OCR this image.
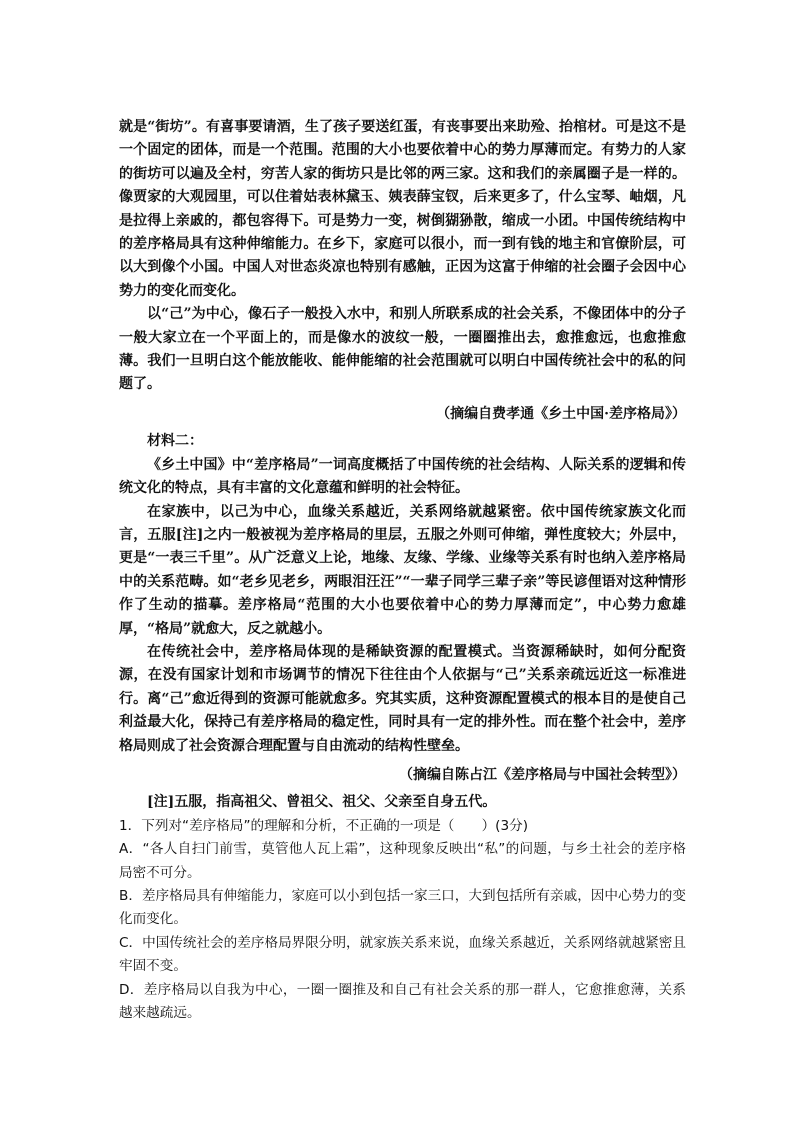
就是“街坊”。有喜事要请酒，生了孩子要送红蛋，有丧事要出来助殓、抬棺材。可是这不是一个固定的团体，而是一个范围。范围的大小也要依着中心的势力厚薄而定。有势力的人家的街坊可以遍及全村，穷苦人家的街坊只是比邻的两三家。这和我们的亲属圈子是一样的。像贾家的大观园里，可以住着姑表林黛玉、姨表薛宝钗，后来更多了，什么宝琴、岫烟，凡是拉得上亲戚的，都包容得下。可是势力一变，树倒猢狲散，缩成一小团。中国传统结构中的差序格局具有这种伸缩能力。在乡下，家庭可以很小，而一到有钱的地主和官僚阶层，可以大到像个小国。中国人对世态炎凉也特别有感触，正因为这富于伸缩的社会圈子会因中心势力的变化而变化。

以“己”为中心，像石子一般投入水中，和别人所联系成的社会关系，不像团体中的分子一般大家立在一个平面上的，而是像水的波纹一般，一圈圈推出去，愈推愈远，也愈推愈薄。我们一旦明白这个能放能收、能伸能缩的社会范围就可以明白中国传统社会中的私的问题了。

（摘编自费孝通《乡土中国·差序格局》）
材料二：

《乡土中国》中“差序格局”一词高度概括了中国传统的社会结构、人际关系的逻辑和传统文化的特点，具有丰富的文化意蕴和鲜明的社会特征。

在家族中，以己为中心，血缘关系越近，关系网络就越紧密。依中国传统家族文化而言，五服[注]之内一般被视为差序格局的里层，五服之外则可伸缩，弹性度较大；外层中，更是“一表三千里”。从广泛意义上论，地缘、友缘、学缘、业缘等关系有时也纳入差序格局中的关系范畴。如“老乡见老乡，两眼泪汪汪”“一辈子同学三辈子亲”等民谚俚语对这种情形作了生动的描摹。差序格局“范围的大小也要依着中心的势力厚薄而定”，中心势力愈雄厚，“格局”就愈大，反之就越小。

在传统社会中，差序格局体现的是稀缺资源的配置模式。当资源稀缺时，如何分配资源，在没有国家计划和市场调节的情况下往往由个人依据与“己”关系亲疏远近这一标准进行。离“己”愈近得到的资源可能就愈多。究其实质，这种资源配置模式的根本目的是使自己利益最大化，保持己有差序格局的稳定性，同时具有一定的排外性。而在整个社会中，差序格局则成了社会资源合理配置与自由流动的结构性壁垒。

（摘编自陈占江《差序格局与中国社会转型》）

[注]五服，指高祖父、曾祖父、祖父、父亲至自身五代。

1．下列对“差序格局”的理解和分析，不正确的一项是（　　）(3分)

A．“各人自扫门前雪，莫管他人瓦上霜”，这种现象反映出“私”的问题，与乡土社会的差序格局密不可分。

B．差序格局具有伸缩能力，家庭可以小到包括一家三口，大到包括所有亲戚，因中心势力的变化而变化。

C．中国传统社会的差序格局界限分明，就家族关系来说，血缘关系越近，关系网络就越紧密且牢固不变。

D．差序格局以自我为中心，一圈一圈推及和自己有社会关系的那一群人，它愈推愈薄，关系越来越疏远。
